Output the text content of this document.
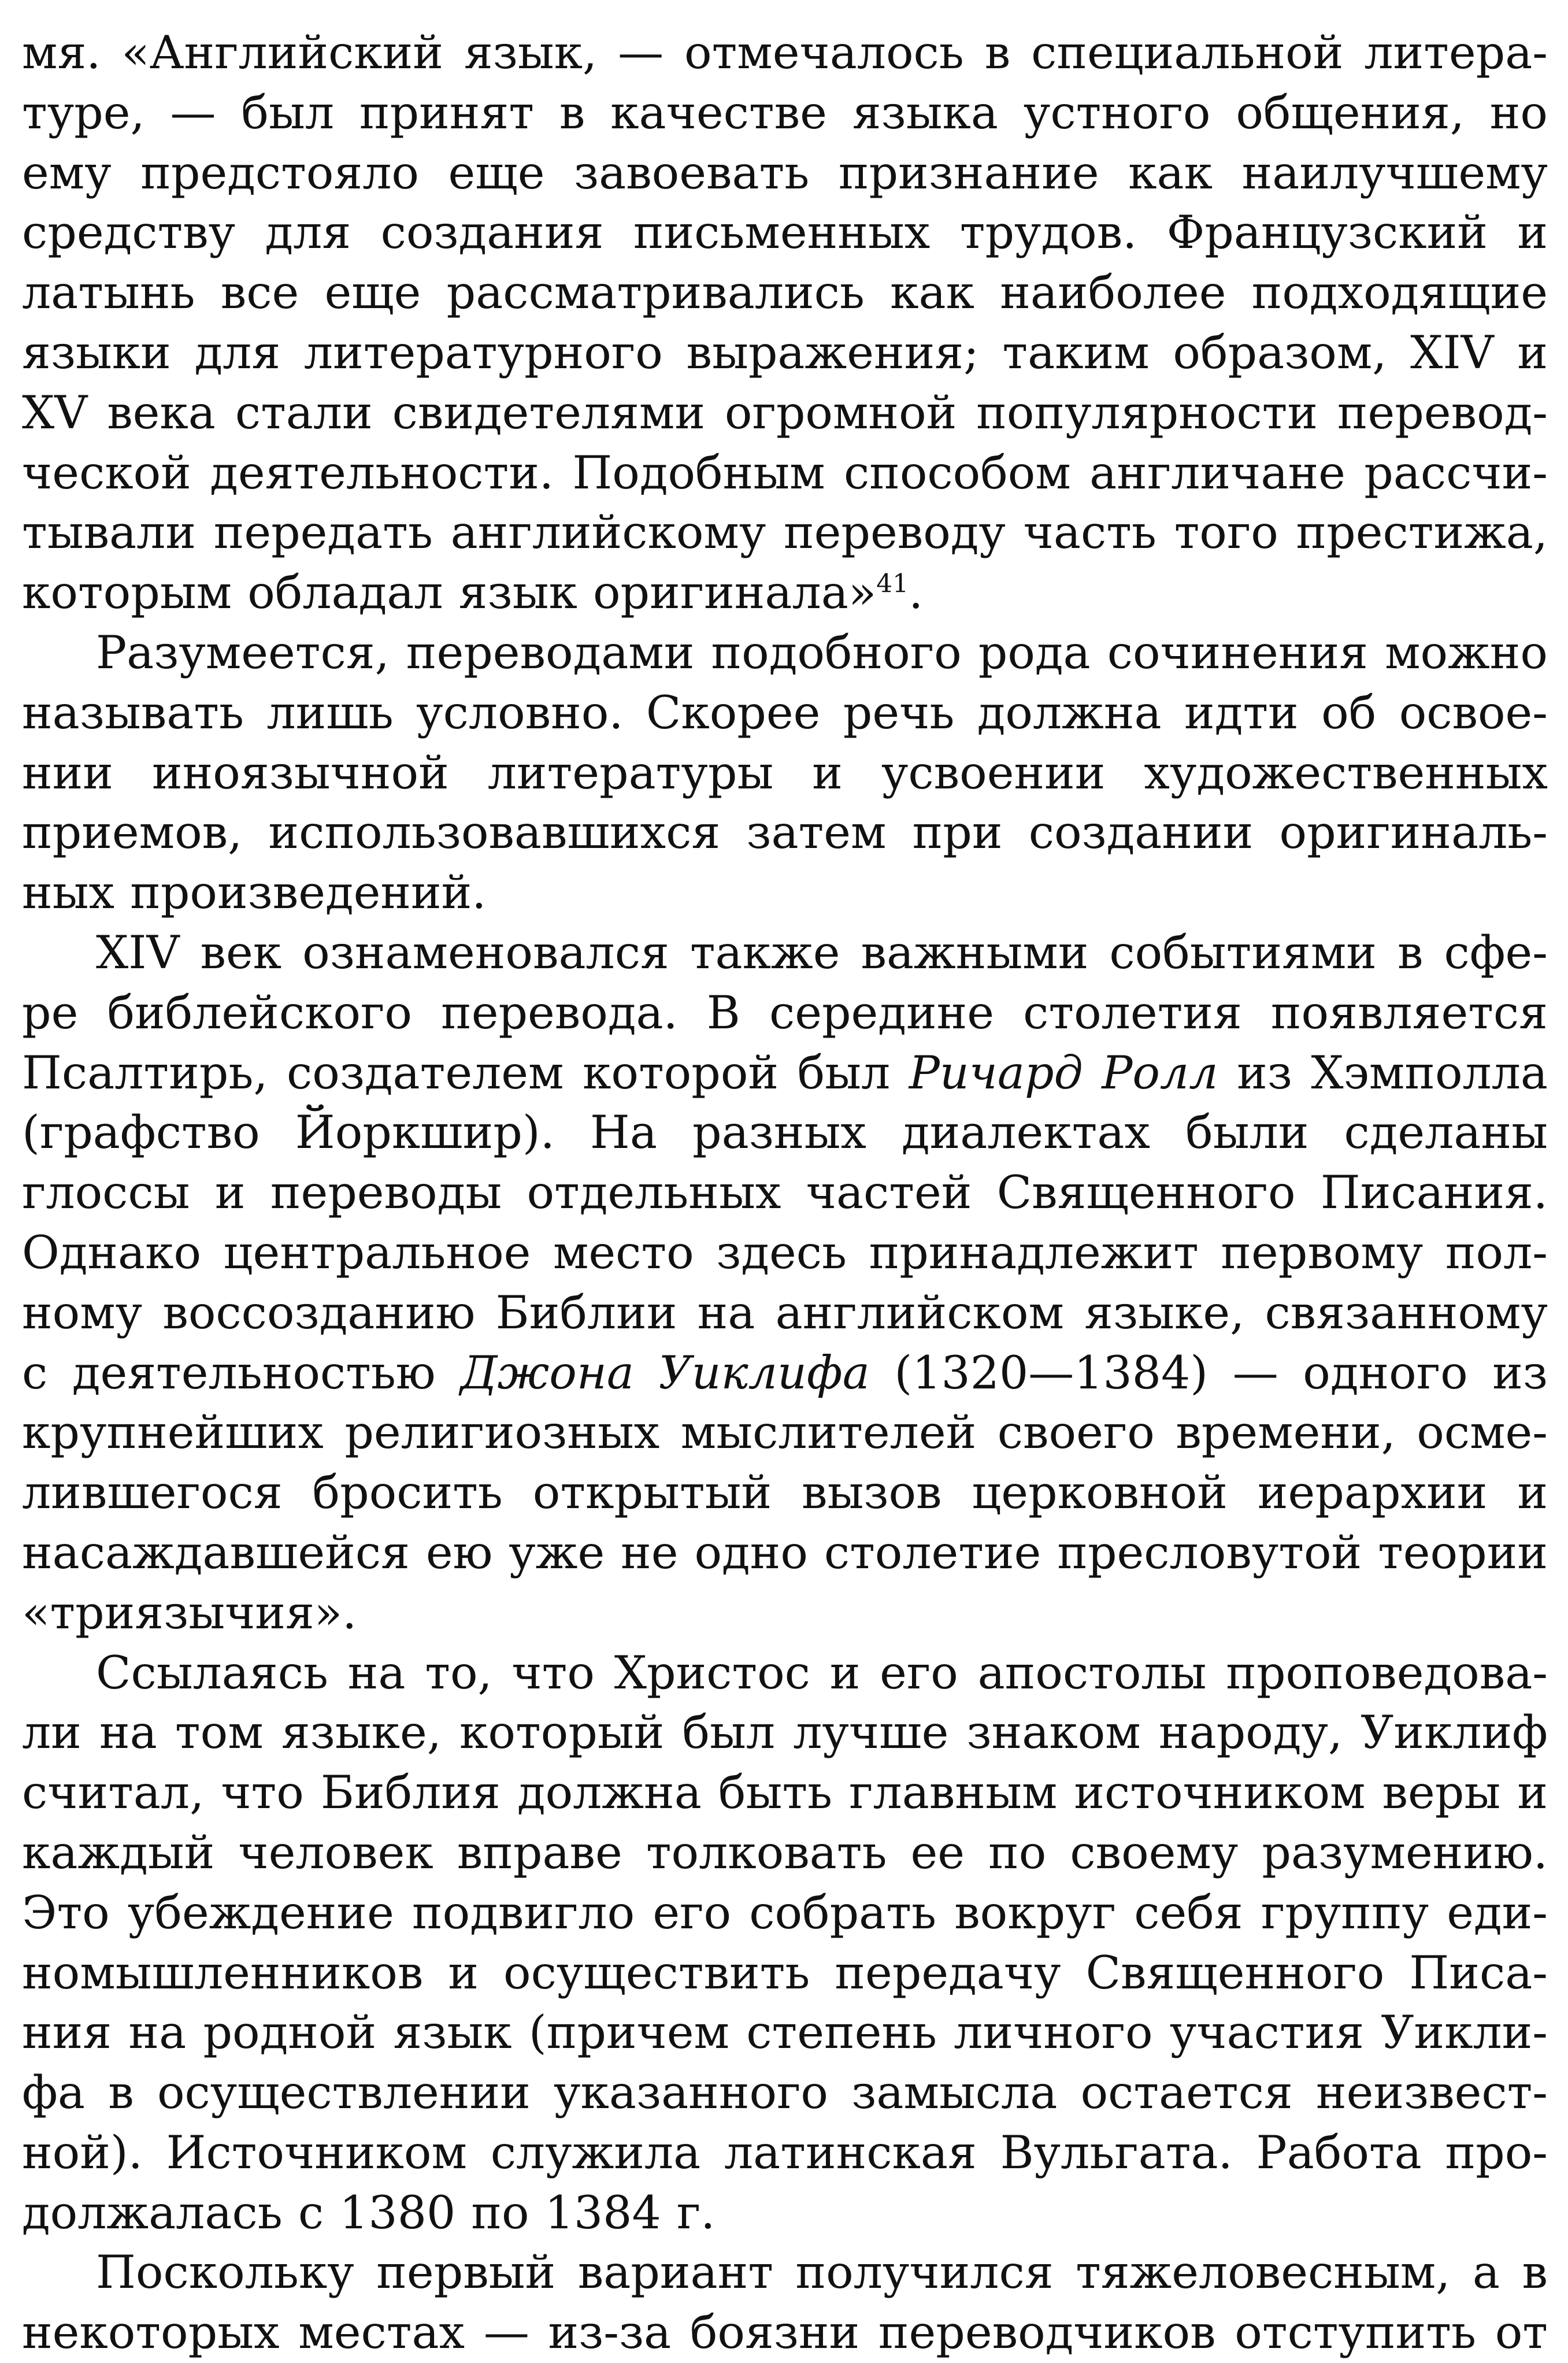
мя. «Английский язык, — отмечалось в специальной литера-
туре, — был принят в качестве языка устного общения, но
ему предстояло еще завоевать признание как наилучшему
средству для создания письменных трудов. Французский и
латынь все еще рассматривались как наиболее подходящие
языки для литературного выражения; таким образом, XIV и
XV века стали свидетелями огромной популярности перевод-
ческой деятельности. Подобным способом англичане рассчи-
тывали передать английскому переводу часть того престижа,
которым обладал язык оригинала»$^{41}$.

Разумеется, переводами подобного рода сочинения можно
называть лишь условно. Скорее речь должна идти об освое-
нии иноязычной литературы и усвоении художественных
приемов, использовавшихся затем при создании оригиналь-
ных произведений.

XIV век ознаменовался также важными событиями в сфе-
ре библейского перевода. В середине столетия появляется
Псалтирь, создателем которой был Ричард Ролл из Хэмполла
(графство Йоркшир). На разных диалектах были сделаны
глоссы и переводы отдельных частей Священного Писания.
Однако центральное место здесь принадлежит первому пол-
ному воссозданию Библии на английском языке, связанному
с деятельностью Джона Уиклифа (1320—1384) — одного из
крупнейших религиозных мыслителей своего времени, осме-
лившегося бросить открытый вызов церковной иерархии и
насаждавшейся ею уже не одно столетие пресловутой теории
«триязычия».

Ссылаясь на то, что Христос и его апостолы проповедова-
ли на том языке, который был лучше знаком народу, Уиклиф
считал, что Библия должна быть главным источником веры и
каждый человек вправе толковать ее по своему разумению.
Это убеждение подвигло его собрать вокруг себя группу еди-
номышленников и осуществить передачу Священного Писа-
ния на родной язык (причем степень личного участия Уикли-
фа в осуществлении указанного замысла остается неизвест-
ной). Источником служила латинская Вульгата. Работа про-
должалась с 1380 по 1384 г.

Поскольку первый вариант получился тяжеловесным, а в
некоторых местах — из-за боязни переводчиков отступить от
